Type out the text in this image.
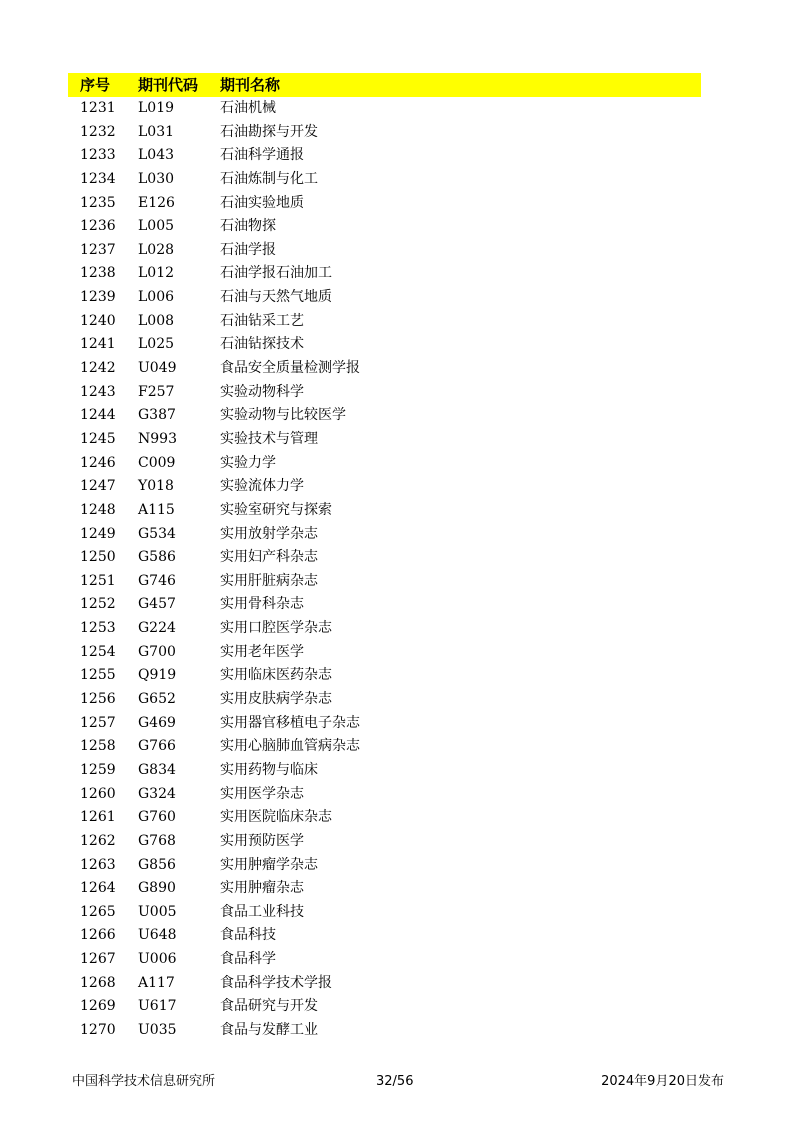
序号 期刊代码 期刊名称
1231 L019	石油机械
1232 L031	石油勘探与开发
1233 L043	石油科学通报
1234 L030	石油炼制与化工
1235 E126	石油实验地质
1236 L005	石油物探
1237 L028	石油学报
1238 L012	石油学报石油加工
1239 L006	石油与天然气地质
1240 L008	石油钻采工艺
1241 L025	石油钻探技术
1242 U049	食品安全质量检测学报
1243 F257	实验动物科学
1244 G387	实验动物与比较医学
1245 N993	实验技术与管理
1246 C009	实验力学
1247 Y018	实验流体力学
1248 A115	实验室研究与探索
1249 G534	实用放射学杂志
1250 G586	实用妇产科杂志
1251 G746	实用肝脏病杂志
1252 G457	实用骨科杂志
1253 G224	实用口腔医学杂志
1254 G700	实用老年医学
1255 Q919	实用临床医药杂志
1256 G652	实用皮肤病学杂志
1257 G469	实用器官移植电子杂志
1258 G766	实用心脑肺血管病杂志
1259 G834	实用药物与临床
1260 G324	实用医学杂志
1261 G760	实用医院临床杂志
1262 G768	实用预防医学
1263 G856	实用肿瘤学杂志
1264 G890	实用肿瘤杂志
1265 U005	食品工业科技
1266 U648	食品科技
1267 U006	食品科学
1268 A117	食品科学技术学报
1269 U617	食品研究与开发
1270 U035	食品与发酵工业
中国科学技术信息研究所	32/56	2024年9月20日发布
